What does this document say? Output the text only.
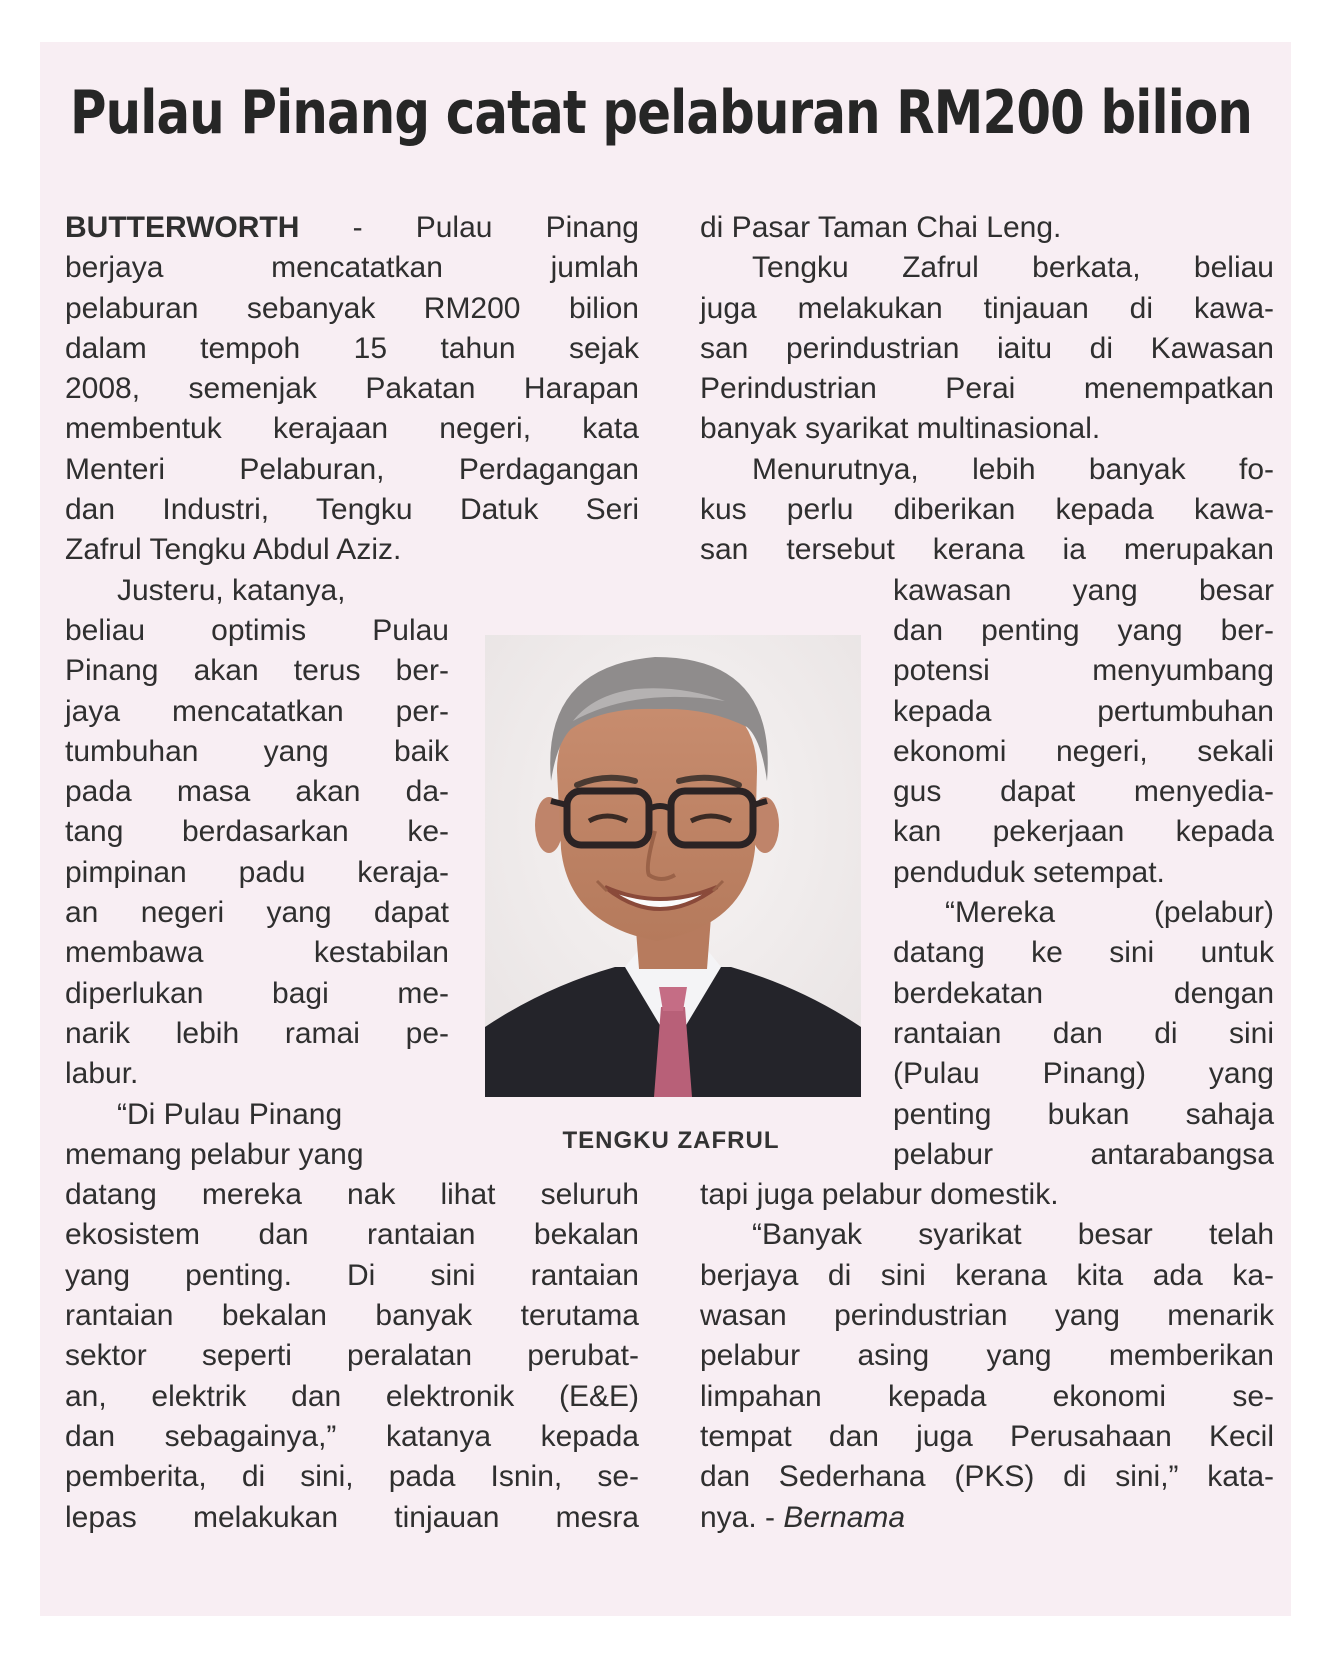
Pulau Pinang catat pelaburan RM200 bilion
BUTTERWORTH - Pulau Pinang
berjaya mencatatkan jumlah
pelaburan sebanyak RM200 bilion
dalam tempoh 15 tahun sejak
2008, semenjak Pakatan Harapan
membentuk kerajaan negeri, kata
Menteri Pelaburan, Perdagangan
dan Industri, Tengku Datuk Seri
Zafrul Tengku Abdul Aziz.
Justeru, katanya,
beliau optimis Pulau
Pinang akan terus ber-
jaya mencatatkan per-
tumbuhan yang baik
pada masa akan da-
tang berdasarkan ke-
pimpinan padu keraja-
an negeri yang dapat
membawa kestabilan
diperlukan bagi me-
narik lebih ramai pe-
labur.
“Di Pulau Pinang
memang pelabur yang
datang mereka nak lihat seluruh
ekosistem dan rantaian bekalan
yang penting. Di sini rantaian
rantaian bekalan banyak terutama
sektor seperti peralatan perubat-
an, elektrik dan elektronik (E&E)
dan sebagainya,” katanya kepada
pemberita, di sini, pada Isnin, se-
lepas melakukan tinjauan mesra
di Pasar Taman Chai Leng.
Tengku Zafrul berkata, beliau
juga melakukan tinjauan di kawa-
san perindustrian iaitu di Kawasan
Perindustrian Perai menempatkan
banyak syarikat multinasional.
Menurutnya, lebih banyak fo-
kus perlu diberikan kepada kawa-
san tersebut kerana ia merupakan
kawasan yang besar
dan penting yang ber-
potensi menyumbang
kepada pertumbuhan
ekonomi negeri, sekali
gus dapat menyedia-
kan pekerjaan kepada
penduduk setempat.
“Mereka (pelabur)
datang ke sini untuk
berdekatan dengan
rantaian dan di sini
(Pulau Pinang) yang
penting bukan sahaja
pelabur antarabangsa
tapi juga pelabur domestik.
“Banyak syarikat besar telah
berjaya di sini kerana kita ada ka-
wasan perindustrian yang menarik
pelabur asing yang memberikan
limpahan kepada ekonomi se-
tempat dan juga Perusahaan Kecil
dan Sederhana (PKS) di sini,” kata-
nya. - Bernama
TENGKU ZAFRUL
